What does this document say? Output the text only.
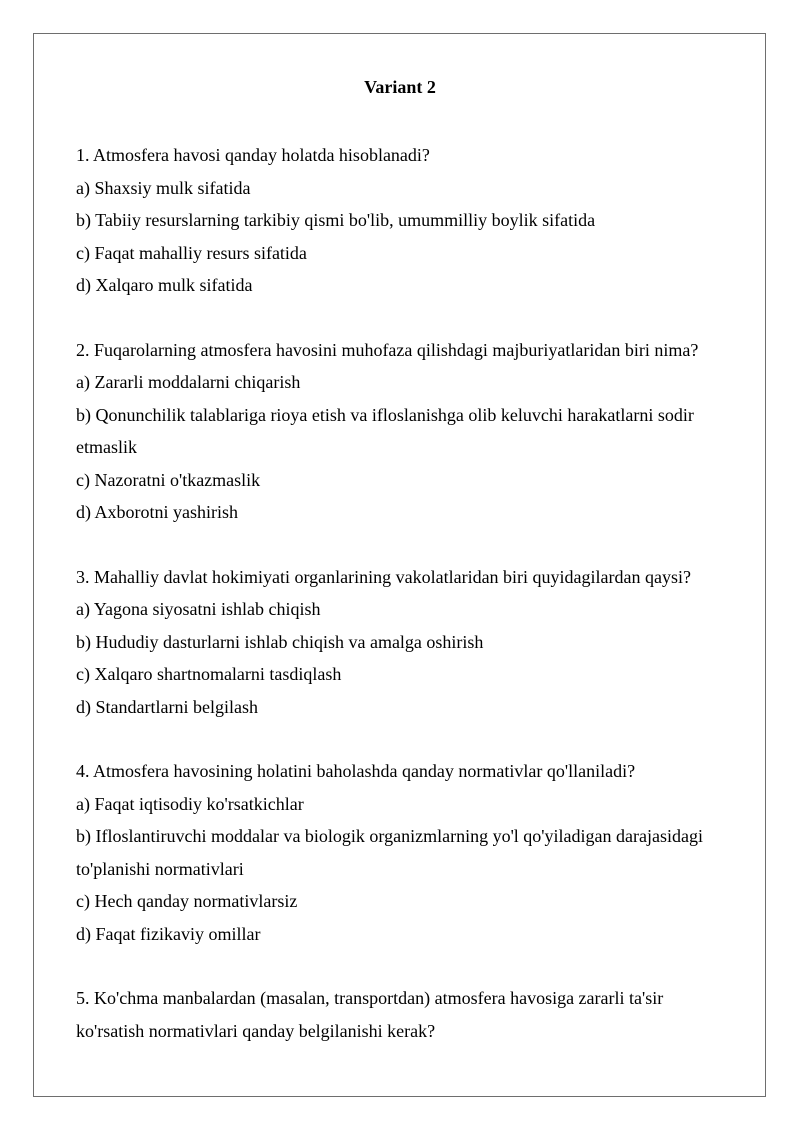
Variant 2
1. Atmosfera havosi qanday holatda hisoblanadi?
a) Shaxsiy mulk sifatida
b) Tabiiy resurslarning tarkibiy qismi bo'lib, umummilliy boylik sifatida
c) Faqat mahalliy resurs sifatida
d) Xalqaro mulk sifatida
2. Fuqarolarning atmosfera havosini muhofaza qilishdagi majburiyatlaridan biri nima?
a) Zararli moddalarni chiqarish
b) Qonunchilik talablariga rioya etish va ifloslanishga olib keluvchi harakatlarni sodir
etmaslik
c) Nazoratni o'tkazmaslik
d) Axborotni yashirish
3. Mahalliy davlat hokimiyati organlarining vakolatlaridan biri quyidagilardan qaysi?
a) Yagona siyosatni ishlab chiqish
b) Hududiy dasturlarni ishlab chiqish va amalga oshirish
c) Xalqaro shartnomalarni tasdiqlash
d) Standartlarni belgilash
4. Atmosfera havosining holatini baholashda qanday normativlar qo'llaniladi?
a) Faqat iqtisodiy ko'rsatkichlar
b) Ifloslantiruvchi moddalar va biologik organizmlarning yo'l qo'yiladigan darajasidagi
to'planishi normativlari
c) Hech qanday normativlarsiz
d) Faqat fizikaviy omillar
5. Ko'chma manbalardan (masalan, transportdan) atmosfera havosiga zararli ta'sir
ko'rsatish normativlari qanday belgilanishi kerak?
